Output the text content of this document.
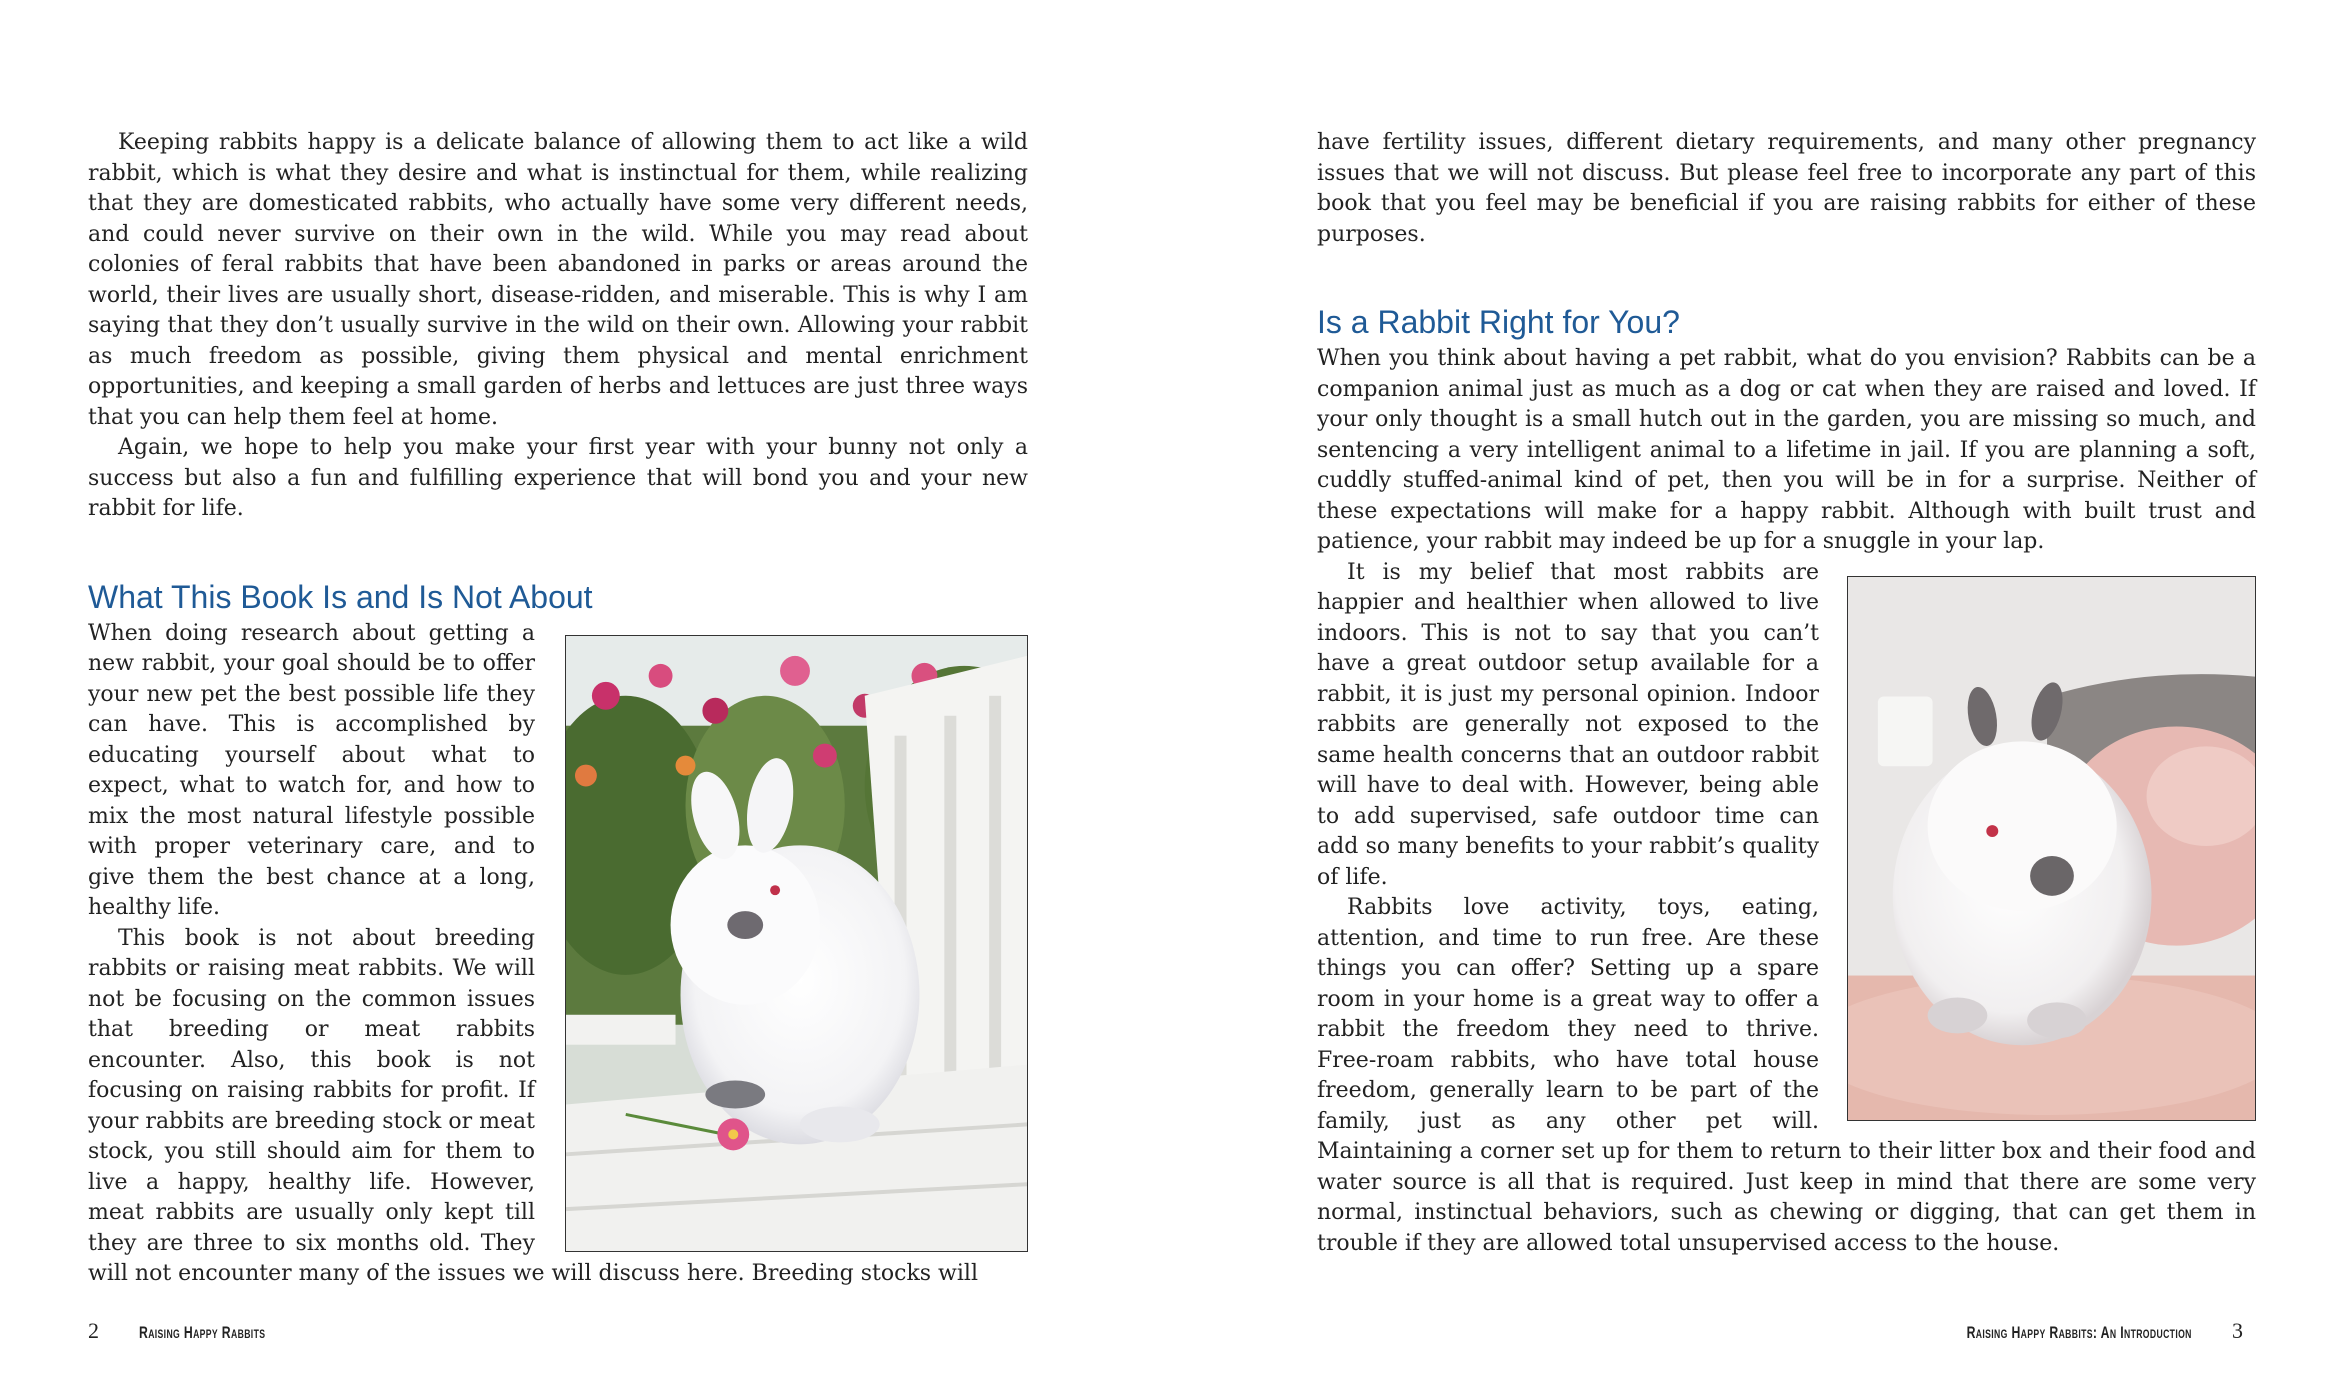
Keeping rabbits happy is a delicate balance of allowing them to act like a wild rabbit, which is what they desire and what is instinctual for them, while realizing that they are domesticated rabbits, who actually have some very different needs, and could never survive on their own in the wild. While you may read about colonies of feral rabbits that have been abandoned in parks or areas around the world, their lives are usually short, disease-ridden, and miserable. This is why I am saying that they don’t usually survive in the wild on their own. Allowing your rabbit as much freedom as possible, giving them physical and mental enrichment opportunities, and keeping a small garden of herbs and lettuces are just three ways that you can help them feel at home.

Again, we hope to help you make your first year with your bunny not only a success but also a fun and fulfilling experience that will bond you and your new rabbit for life.

What This Book Is and Is Not About

When doing research about getting a new rabbit, your goal should be to offer your new pet the best possible life they can have. This is accomplished by educating yourself about what to expect, what to watch for, and how to mix the most natural lifestyle possible with proper veterinary care, and to give them the best chance at a long, healthy life.

This book is not about breeding rabbits or raising meat rabbits. We will not be focusing on the common issues that breeding or meat rabbits encounter. Also, this book is not focusing on raising rabbits for profit. If your rabbits are breeding stock or meat stock, you still should aim for them to live a happy, healthy life. However, meat rabbits are usually only kept till they are three to six months old. They will not encounter many of the issues we will discuss here. Breeding stocks will

2 Raising Happy Rabbits

have fertility issues, different dietary requirements, and many other pregnancy issues that we will not discuss. But please feel free to incorporate any part of this book that you feel may be beneficial if you are raising rabbits for either of these purposes.

Is a Rabbit Right for You?

When you think about having a pet rabbit, what do you envision? Rabbits can be a companion animal just as much as a dog or cat when they are raised and loved. If your only thought is a small hutch out in the garden, you are missing so much, and sentencing a very intelligent animal to a lifetime in jail. If you are planning a soft, cuddly stuffed-animal kind of pet, then you will be in for a surprise. Neither of these expectations will make for a happy rabbit. Although with built trust and patience, your rabbit may indeed be up for a snuggle in your lap.

It is my belief that most rabbits are happier and healthier when allowed to live indoors. This is not to say that you can’t have a great outdoor setup available for a rabbit, it is just my personal opinion. Indoor rabbits are generally not exposed to the same health concerns that an outdoor rabbit will have to deal with. However, being able to add supervised, safe outdoor time can add so many benefits to your rabbit’s quality of life.

Rabbits love activity, toys, eating, attention, and time to run free. Are these things you can offer? Setting up a spare room in your home is a great way to offer a rabbit the freedom they need to thrive. Free-roam rabbits, who have total house freedom, generally learn to be part of the family, just as any other pet will. Maintaining a corner set up for them to return to their litter box and their food and water source is all that is required. Just keep in mind that there are some very normal, instinctual behaviors, such as chewing or digging, that can get them in trouble if they are allowed total unsupervised access to the house.

Raising Happy Rabbits: An Introduction 3
